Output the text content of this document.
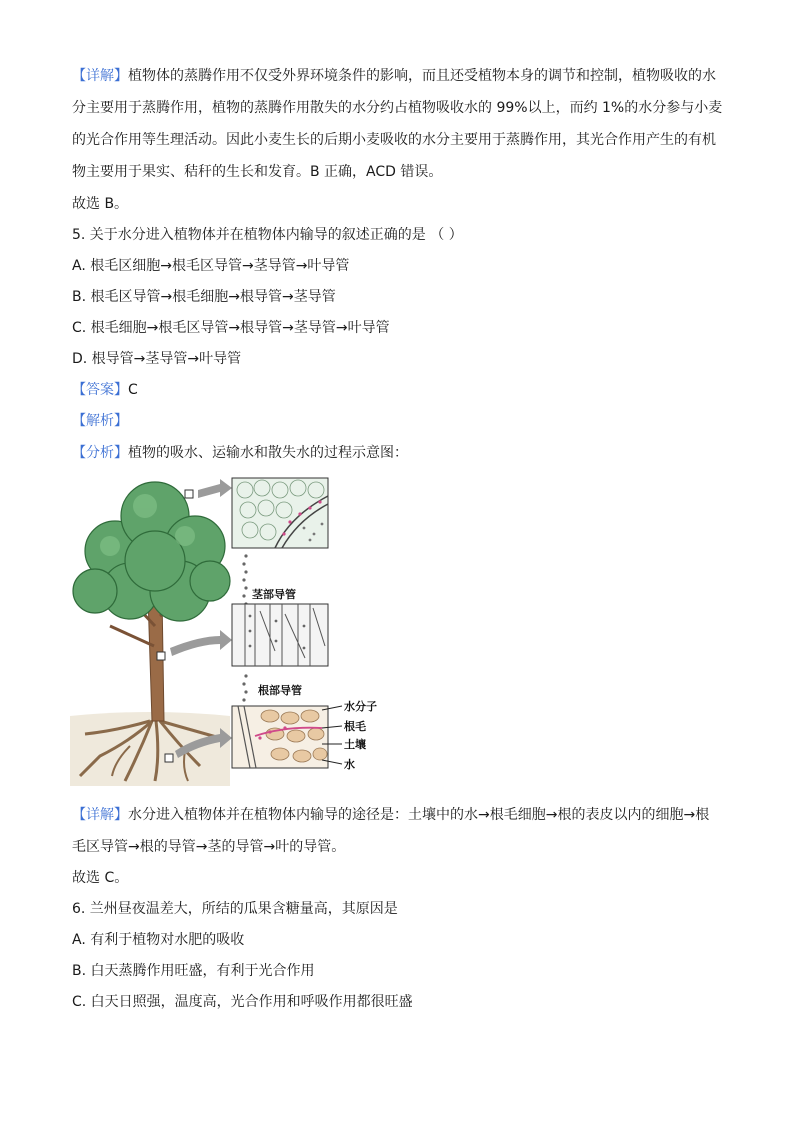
【详解】植物体的蒸腾作用不仅受外界环境条件的影响，而且还受植物本身的调节和控制，植物吸收的水
分主要用于蒸腾作用，植物的蒸腾作用散失的水分约占植物吸收水的 99%以上，而约 1%的水分参与小麦
的光合作用等生理活动。因此小麦生长的后期小麦吸收的水分主要用于蒸腾作用，其光合作用产生的有机
物主要用于果实、秸秆的生长和发育。B 正确，ACD 错误。
故选 B。
5. 关于水分进入植物体并在植物体内输导的叙述正确的是 （ ）
A. 根毛区细胞→根毛区导管→茎导管→叶导管
B. 根毛区导管→根毛细胞→根导管→茎导管
C. 根毛细胞→根毛区导管→根导管→茎导管→叶导管
D. 根导管→茎导管→叶导管
【答案】C
【解析】
【分析】植物的吸水、运输水和散失水的过程示意图：
茎部导管
根部导管
水分子
根毛
土壤
水
【详解】水分进入植物体并在植物体内输导的途径是：土壤中的水→根毛细胞→根的表皮以内的细胞→根
毛区导管→根的导管→茎的导管→叶的导管。
故选 C。
6. 兰州昼夜温差大，所结的瓜果含糖量高，其原因是
A. 有利于植物对水肥的吸收
B. 白天蒸腾作用旺盛，有利于光合作用
C. 白天日照强，温度高，光合作用和呼吸作用都很旺盛
